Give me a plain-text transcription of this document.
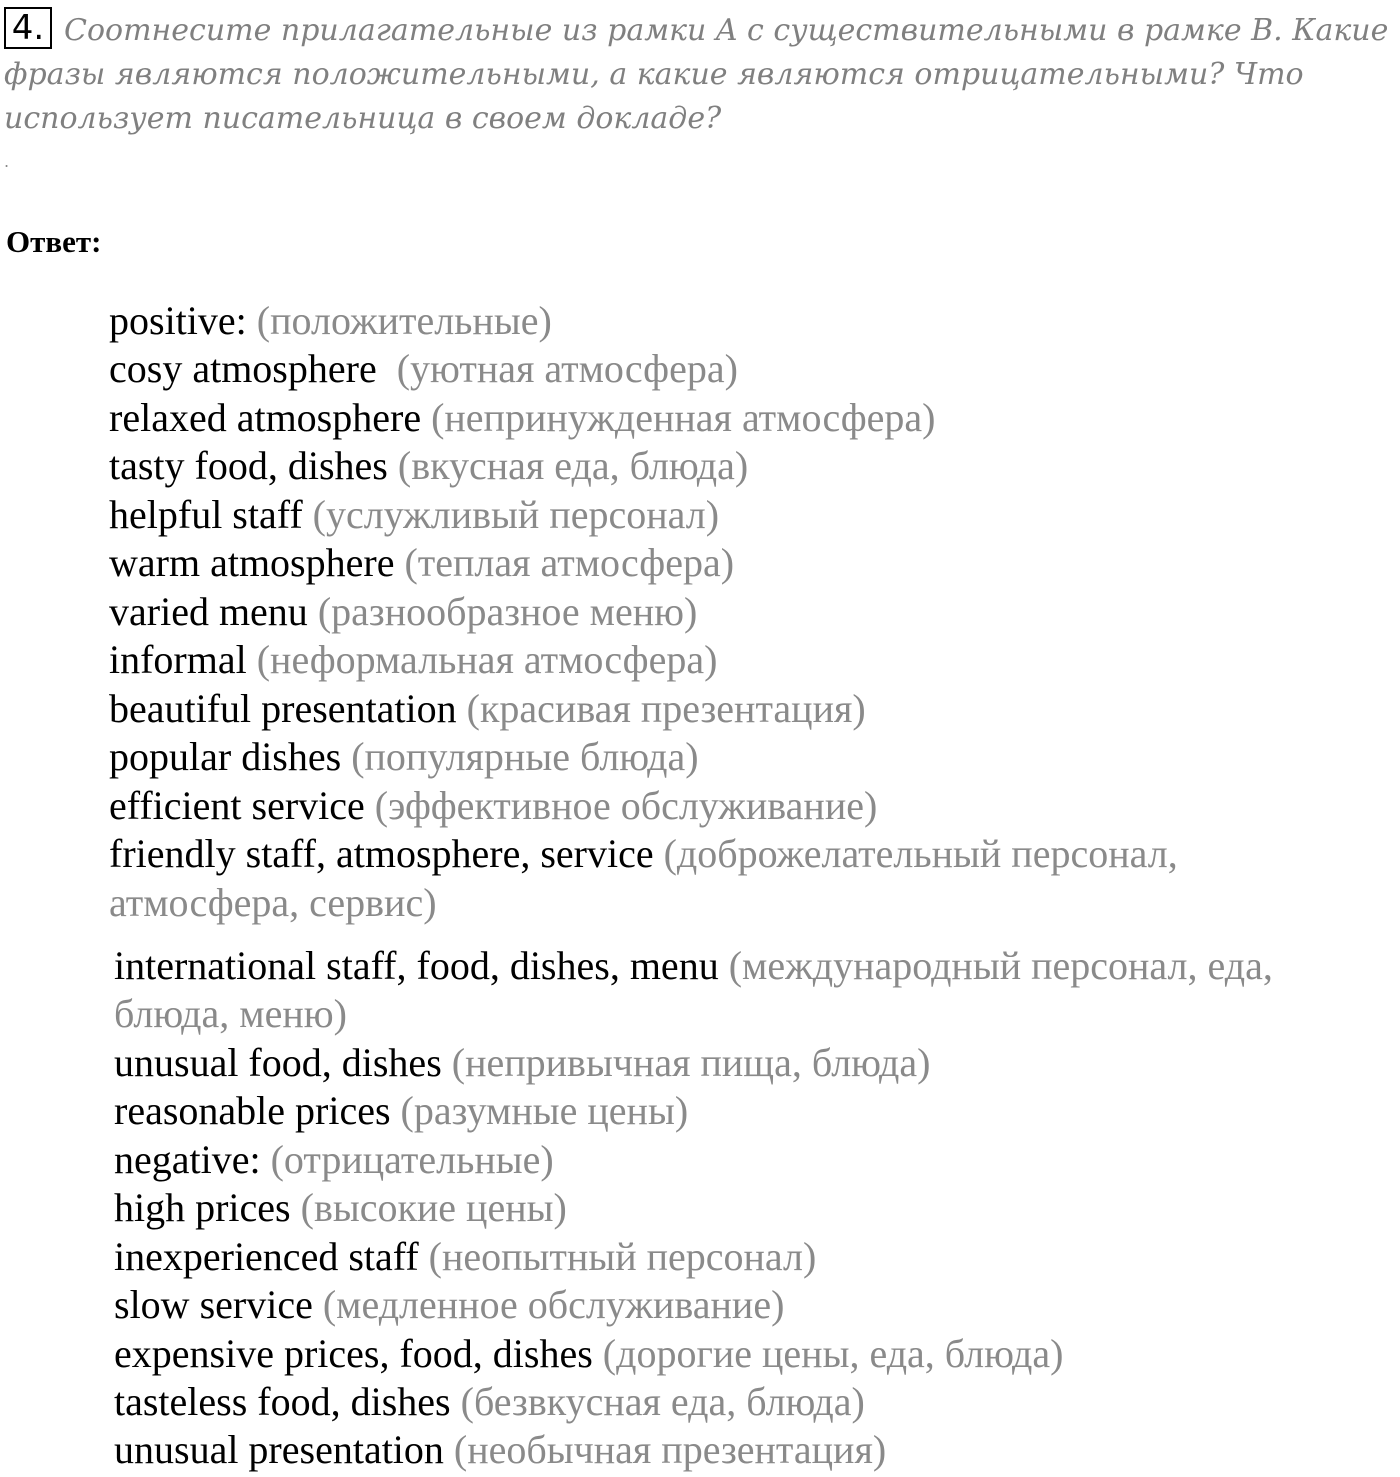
Соотнесите прилагательные из рамки A с существительными в рамке B. Какие фразы являются положительными, а какие являются отрицательными? Что использует писательница в своем докладе?

4.
.
Ответ:
positive: (положительные)
cosy atmosphere (уютная атмосфера)
relaxed atmosphere (непринужденная атмосфера)
tasty food, dishes (вкусная еда, блюда)
helpful staff (услужливый персонал)
warm atmosphere (теплая атмосфера)
varied menu (разнообразное меню)
informal (неформальная атмосфера)
beautiful presentation (красивая презентация)
popular dishes (популярные блюда)
efficient service (эффективное обслуживание)
friendly staff, atmosphere, service (доброжелательный персонал,
атмосфера, сервис)
international staff, food, dishes, menu (международный персонал, еда,
блюда, меню)
unusual food, dishes (непривычная пища, блюда)
reasonable prices (разумные цены)
negative: (отрицательные)
high prices (высокие цены)
inexperienced staff (неопытный персонал)
slow service (медленное обслуживание)
expensive prices, food, dishes (дорогие цены, еда, блюда)
tasteless food, dishes (безвкусная еда, блюда)
unusual presentation (необычная презентация)
